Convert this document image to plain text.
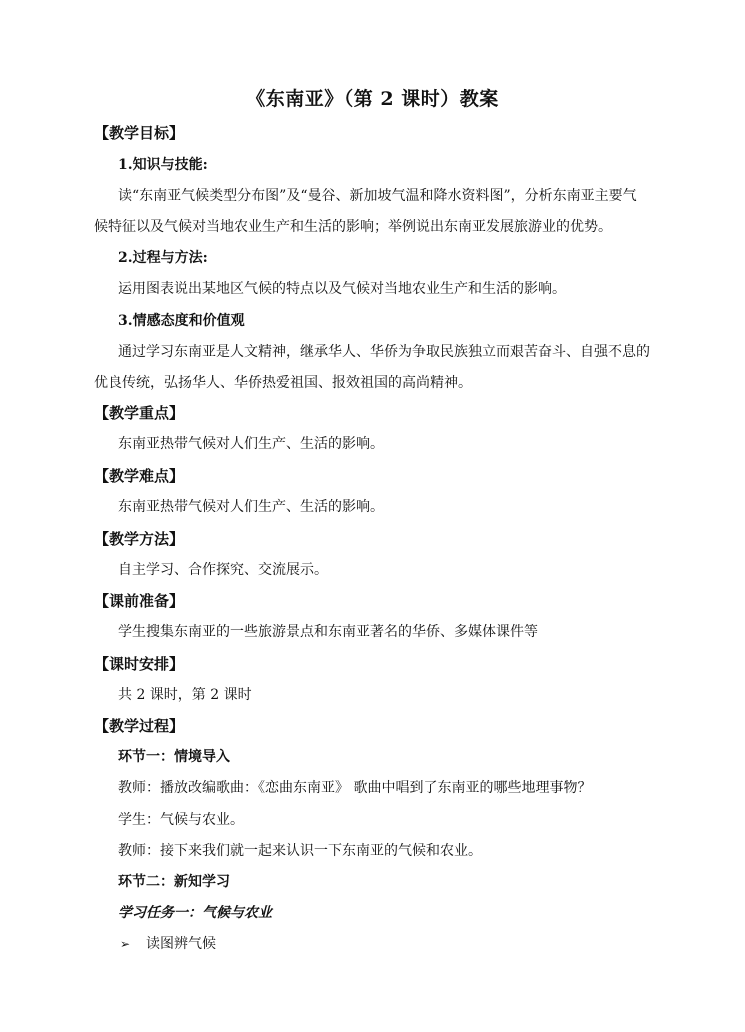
《东南亚》（第 2 课时）教案
【教学目标】
1.知识与技能:
读“东南亚气候类型分布图”及“曼谷、新加坡气温和降水资料图”，分析东南亚主要气
候特征以及气候对当地农业生产和生活的影响；举例说出东南亚发展旅游业的优势。
2.过程与方法:
运用图表说出某地区气候的特点以及气候对当地农业生产和生活的影响。
3.情感态度和价值观
通过学习东南亚是人文精神，继承华人、华侨为争取民族独立而艰苦奋斗、自强不息的
优良传统，弘扬华人、华侨热爱祖国、报效祖国的高尚精神。
【教学重点】
东南亚热带气候对人们生产、生活的影响。
【教学难点】
东南亚热带气候对人们生产、生活的影响。
【教学方法】
自主学习、合作探究、交流展示。
【课前准备】
学生搜集东南亚的一些旅游景点和东南亚著名的华侨、多媒体课件等
【课时安排】
共 2 课时，第 2 课时
【教学过程】
环节一：情境导入
教师：播放改编歌曲：《恋曲东南亚》 歌曲中唱到了东南亚的哪些地理事物？
学生：气候与农业。
教师：接下来我们就一起来认识一下东南亚的气候和农业。
环节二：新知学习
学习任务一：气候与农业
➢ 读图辨气候
